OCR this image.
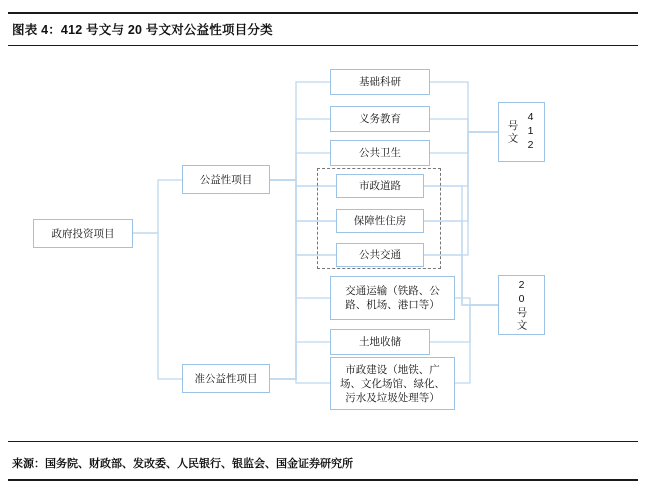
图表 4：412 号文与 20 号文对公益性项目分类
政府投资项目
公益性项目
准公益性项目
基础科研
义务教育
公共卫生
市政道路
保障性住房
公共交通
交通运输（铁路、公路、机场、港口等）
土地收储
市政建设（地铁、广场、文化场馆、绿化、污水及垃圾处理等）
412号文
20号文
来源：国务院、财政部、发改委、人民银行、银监会、国金证券研究所
